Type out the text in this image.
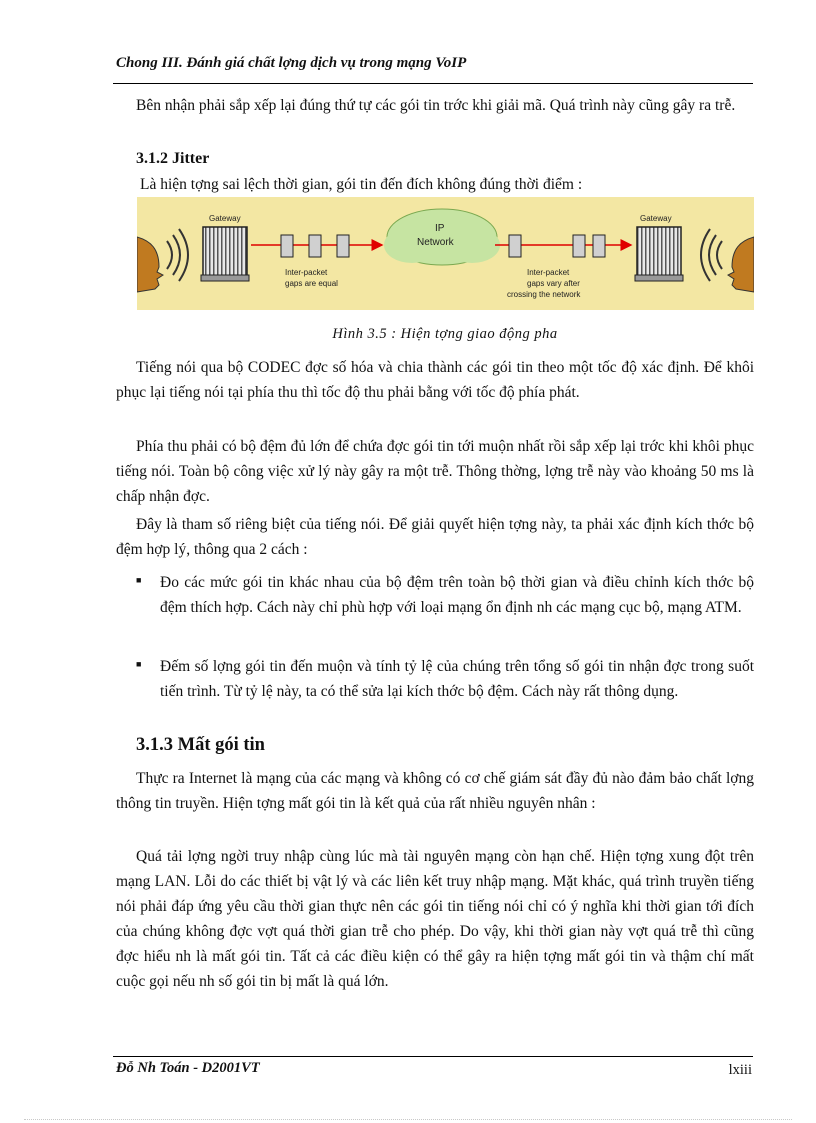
Chong III. Đánh giá chất lợng dịch vụ trong mạng VoIP

Bên nhận phải sắp xếp lại đúng thứ tự các gói tin trớc khi giải mã. Quá trình này cũng gây ra trễ.

3.1.2 Jitter

Là hiện tợng sai lệch thời gian, gói tin đến đích không đúng thời điểm :

Gateway
Inter-packet
gaps are equal
IP
Network
Inter-packet
gaps vary after
crossing the network
Gateway
Hình 3.5 : Hiện tợng giao động pha

Tiếng nói qua bộ CODEC đợc số hóa và chia thành các gói tin theo một tốc độ xác định. Để khôi phục lại tiếng nói tại phía thu thì tốc độ thu phải bằng với tốc độ phía phát.

Phía thu phải có bộ đệm đủ lớn để chứa đợc gói tin tới muộn nhất rồi sắp xếp lại trớc khi khôi phục tiếng nói. Toàn bộ công việc xử lý này gây ra một trễ. Thông thờng, lợng trễ này vào khoảng 50 ms là chấp nhận đợc.

Đây là tham số riêng biệt của tiếng nói. Để giải quyết hiện tợng này, ta phải xác định kích thớc bộ đệm hợp lý, thông qua 2 cách :

■ Đo các mức gói tin khác nhau của bộ đệm trên toàn bộ thời gian và điều chỉnh kích thớc bộ đệm thích hợp. Cách này chỉ phù hợp với loại mạng ổn định nh các mạng cục bộ, mạng ATM.

■ Đếm số lợng gói tin đến muộn và tính tỷ lệ của chúng trên tổng số gói tin nhận đợc trong suốt tiến trình. Từ tỷ lệ này, ta có thể sửa lại kích thớc bộ đệm. Cách này rất thông dụng.

3.1.3 Mất gói tin

Thực ra Internet là mạng của các mạng và không có cơ chế giám sát đầy đủ nào đảm bảo chất lợng thông tin truyền. Hiện tợng mất gói tin là kết quả của rất nhiều nguyên nhân :

Quá tải lợng ngời truy nhập cùng lúc mà tài nguyên mạng còn hạn chế. Hiện tợng xung đột trên mạng LAN. Lỗi do các thiết bị vật lý và các liên kết truy nhập mạng. Mặt khác, quá trình truyền tiếng nói phải đáp ứng yêu cầu thời gian thực nên các gói tin tiếng nói chỉ có ý nghĩa khi thời gian tới đích của chúng không đợc vợt quá thời gian trễ cho phép. Do vậy, khi thời gian này vợt quá trễ thì cũng đợc hiểu nh là mất gói tin. Tất cả các điều kiện có thể gây ra hiện tợng mất gói tin và thậm chí mất cuộc gọi nếu nh số gói tin bị mất là quá lớn.

Đỗ Nh Toán - D2001VT	lxiii
